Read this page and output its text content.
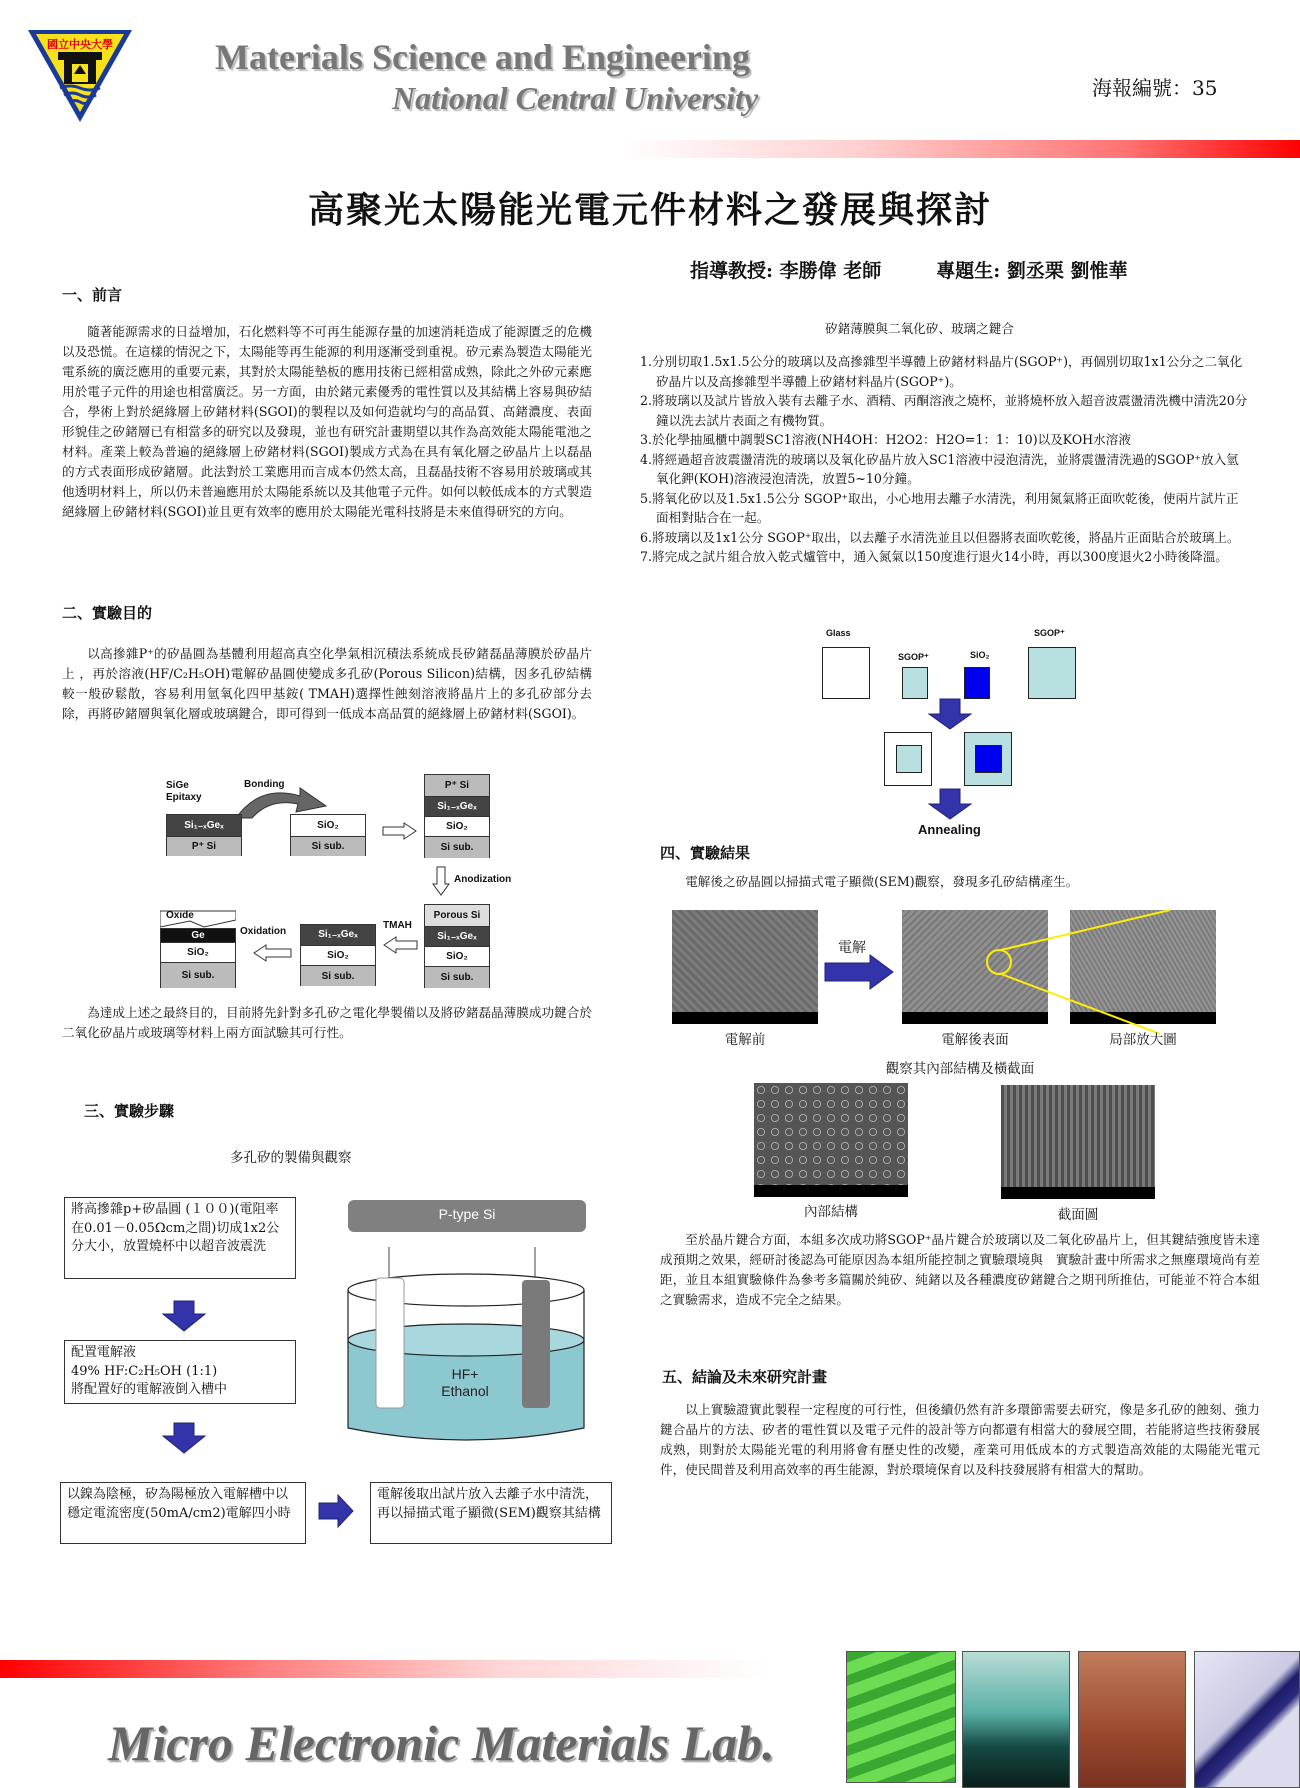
國立中央大學	Materials Science and Engineering
National Central University	海報編號：35
高聚光太陽能光電元件材料之發展與探討
指導教授: 李勝偉 老師	專題生: 劉丞栗 劉惟華
一、前言
隨著能源需求的日益增加，石化燃料等不可再生能源存量的加速消耗造成了能源匱乏的危機以及恐慌。在這樣的情況之下，太陽能等再生能源的利用逐漸受到重視。矽元素為製造太陽能光電系統的廣泛應用的重要元素，其對於太陽能墊板的應用技術已經相當成熟，除此之外矽元素應用於電子元件的用途也相當廣泛。另一方面，由於鍺元素優秀的電性質以及其結構上容易與矽結合，學術上對於絕緣層上矽鍺材料(SGOI)的製程以及如何造就均勻的高品質、高鍺濃度、表面形貌佳之矽鍺層已有相當多的研究以及發現，並也有研究計畫期望以其作為高效能太陽能電池之材料。產業上較為普遍的絕緣層上矽鍺材料(SGOI)製成方式為在具有氧化層之矽晶片上以磊晶的方式表面形成矽鍺層。此法對於工業應用而言成本仍然太高，且磊晶技術不容易用於玻璃或其他透明材料上，所以仍未普遍應用於太陽能系統以及其他電子元件。如何以較低成本的方式製造絕緣層上矽鍺材料(SGOI)並且更有效率的應用於太陽能光電科技將是未來值得研究的方向。
二、實驗目的
以高摻雜P⁺的矽晶圓為基體利用超高真空化學氣相沉積法系統成長矽鍺磊晶薄膜於矽晶片上 ，再於溶液(HF/C₂H₅OH)電解矽晶圓使變成多孔矽(Porous Silicon)結構，因多孔矽結構較一般矽鬆散，容易利用氫氧化四甲基銨( TMAH)選擇性蝕刻溶液將晶片上的多孔矽部分去除，再將矽鍺層與氧化層或玻璃鍵合，即可得到一低成本高品質的絕緣層上矽鍺材料(SGOI)。
SiGe Epitaxy
Bonding
Si₁₋ₓGeₓ
P⁺ Si
SiO₂
Si sub.
P⁺ Si
Si₁₋ₓGeₓ
SiO₂
Si sub.
Anodization
Porous Si
Si₁₋ₓGeₓ
SiO₂
Si sub.
TMAH
Si₁₋ₓGeₓ
SiO₂
Si sub.
Oxidation
Oxide
Ge
SiO₂
Si sub.
為達成上述之最終目的，目前將先針對多孔矽之電化學製備以及將矽鍺磊晶薄膜成功鍵合於二氧化矽晶片或玻璃等材料上兩方面試驗其可行性。
三、實驗步驟
多孔矽的製備與觀察
將高摻雜p+矽晶圓 (１００)(電阻率在0.01－0.05Ωcm之間)切成1x2公分大小，放置燒杯中以超音波震洗
配置電解液
49% HF:C₂H₅OH (1:1)
將配置好的電解液倒入槽中
以鎳為陰極，矽為陽極放入電解槽中以穩定電流密度(50mA/cm2)電解四小時
電解後取出試片放入去離子水中清洗，再以掃描式電子顯微(SEM)觀察其結構
P-type Si
HF+
Ethanol
矽鍺薄膜與二氧化矽、玻璃之鍵合
1.分別切取1.5x1.5公分的玻璃以及高摻雜型半導體上矽鍺材料晶片(SGOP⁺)，再個別切取1x1公分之二氧化矽晶片以及高摻雜型半導體上矽鍺材料晶片(SGOP⁺)。
2.將玻璃以及試片皆放入裝有去離子水、酒精、丙酮溶液之燒杯，並將燒杯放入超音波震盪清洗機中清洗20分鐘以洗去試片表面之有機物質。
3.於化學抽風櫃中調製SC1溶液(NH4OH：H2O2：H2O=1：1：10)以及KOH水溶液
4.將經過超音波震盪清洗的玻璃以及氧化矽晶片放入SC1溶液中浸泡清洗，並將震盪清洗過的SGOP⁺放入氫氧化鉀(KOH)溶液浸泡清洗，放置5~10分鐘。
5.將氧化矽以及1.5x1.5公分 SGOP⁺取出，小心地用去離子水清洗，利用氮氣將正面吹乾後，使兩片試片正面相對貼合在一起。
6.將玻璃以及1x1公分 SGOP⁺取出，以去離子水清洗並且以但器將表面吹乾後，將晶片正面貼合於玻璃上。
7.將完成之試片組合放入乾式爐管中，通入氮氣以150度進行退火14小時，再以300度退火2小時後降溫。
Glass
SGOP⁺	SiO₂
SGOP⁺
Annealing
四、實驗結果
電解後之矽晶圓以掃描式電子顯微(SEM)觀察，發現多孔矽結構產生。
電解
電解前	電解後表面	局部放大圖
觀察其內部結構及橫截面
內部結構	截面圖
至於晶片鍵合方面，本組多次成功將SGOP⁺晶片鍵合於玻璃以及二氧化矽晶片上，但其鍵結強度皆未達成預期之效果，經研討後認為可能原因為本組所能控制之實驗環境與　實驗計畫中所需求之無塵環境尚有差距，並且本組實驗條件為參考多篇關於純矽、純鍺以及各種濃度矽鍺鍵合之期刊所推估，可能並不符合本組之實驗需求，造成不完全之結果。
五、結論及未來研究計畫
以上實驗證實此製程一定程度的可行性，但後續仍然有許多環節需要去研究，像是多孔矽的蝕刻、強力鍵合晶片的方法、矽者的電性質以及電子元件的設計等方向都還有相當大的發展空間，若能將這些技術發展成熟，則對於太陽能光電的利用將會有歷史性的改變，產業可用低成本的方式製造高效能的太陽能光電元件，使民間普及利用高效率的再生能源，對於環境保育以及科技發展將有相當大的幫助。
Micro Electronic Materials Lab.
